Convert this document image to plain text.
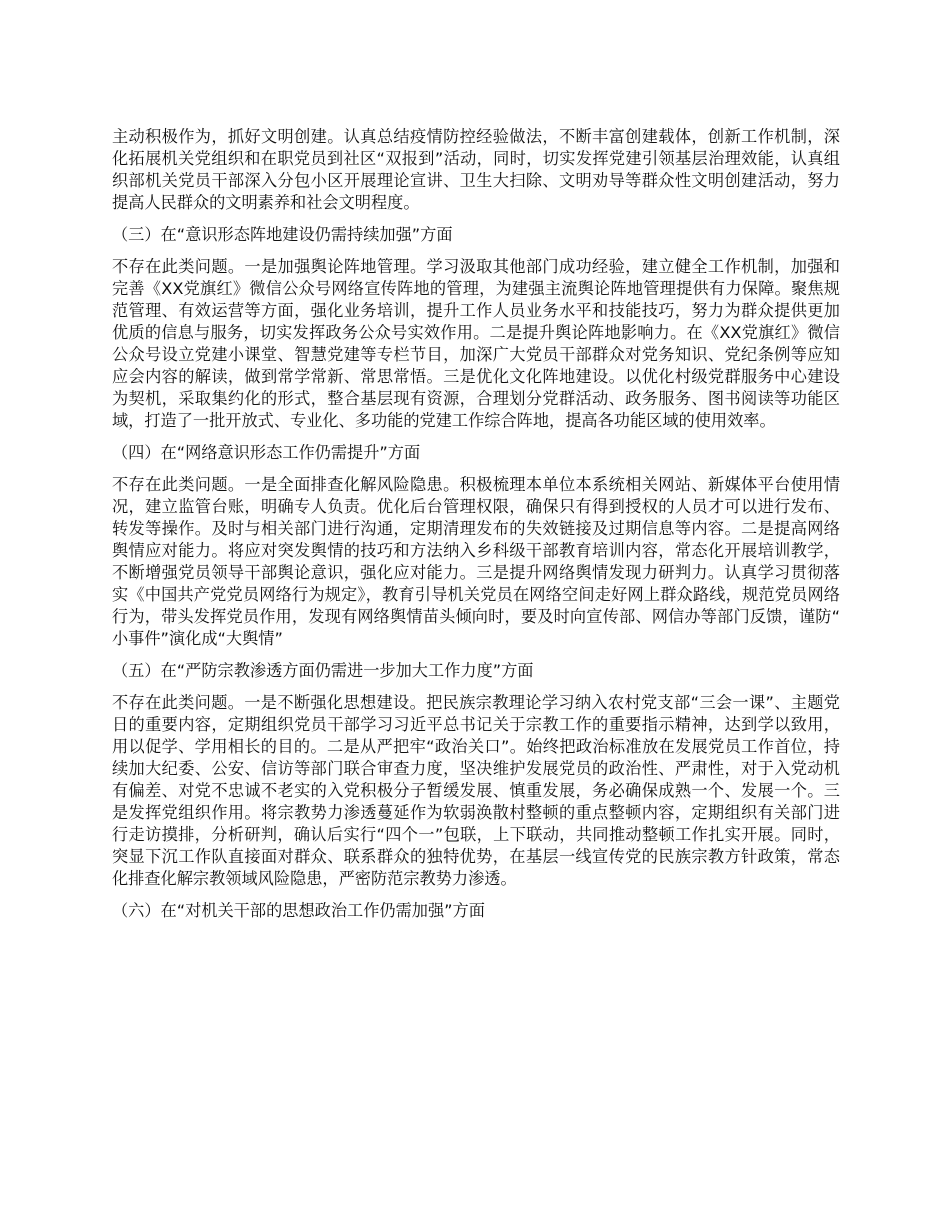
主动积极作为，抓好文明创建。认真总结疫情防控经验做法，不断丰富创建载体，创新工作机制，深化拓展机关党组织和在职党员到社区“双报到”活动，同时，切实发挥党建引领基层治理效能，认真组织部机关党员干部深入分包小区开展理论宣讲、卫生大扫除、文明劝导等群众性文明创建活动，努力提高人民群众的文明素养和社会文明程度。

（三）在“意识形态阵地建设仍需持续加强”方面

不存在此类问题。一是加强舆论阵地管理。学习汲取其他部门成功经验，建立健全工作机制，加强和完善《XX党旗红》微信公众号网络宣传阵地的管理，为建强主流舆论阵地管理提供有力保障。聚焦规范管理、有效运营等方面，强化业务培训，提升工作人员业务水平和技能技巧，努力为群众提供更加优质的信息与服务，切实发挥政务公众号实效作用。二是提升舆论阵地影响力。在《XX党旗红》微信公众号设立党建小课堂、智慧党建等专栏节目，加深广大党员干部群众对党务知识、党纪条例等应知应会内容的解读，做到常学常新、常思常悟。三是优化文化阵地建设。以优化村级党群服务中心建设为契机，采取集约化的形式，整合基层现有资源，合理划分党群活动、政务服务、图书阅读等功能区域，打造了一批开放式、专业化、多功能的党建工作综合阵地，提高各功能区域的使用效率。

（四）在“网络意识形态工作仍需提升”方面

不存在此类问题。一是全面排查化解风险隐患。积极梳理本单位本系统相关网站、新媒体平台使用情况，建立监管台账，明确专人负责。优化后台管理权限，确保只有得到授权的人员才可以进行发布、转发等操作。及时与相关部门进行沟通，定期清理发布的失效链接及过期信息等内容。二是提高网络舆情应对能力。将应对突发舆情的技巧和方法纳入乡科级干部教育培训内容，常态化开展培训教学，不断增强党员领导干部舆论意识，强化应对能力。三是提升网络舆情发现力研判力。认真学习贯彻落实《中国共产党党员网络行为规定》，教育引导机关党员在网络空间走好网上群众路线，规范党员网络行为，带头发挥党员作用，发现有网络舆情苗头倾向时，要及时向宣传部、网信办等部门反馈，谨防“小事件”演化成“大舆情”

（五）在“严防宗教渗透方面仍需进一步加大工作力度”方面

不存在此类问题。一是不断强化思想建设。把民族宗教理论学习纳入农村党支部“三会一课”、主题党日的重要内容，定期组织党员干部学习习近平总书记关于宗教工作的重要指示精神，达到学以致用，用以促学、学用相长的目的。二是从严把牢“政治关口”。始终把政治标准放在发展党员工作首位，持续加大纪委、公安、信访等部门联合审查力度，坚决维护发展党员的政治性、严肃性，对于入党动机有偏差、对党不忠诚不老实的入党积极分子暂缓发展、慎重发展，务必确保成熟一个、发展一个。三是发挥党组织作用。将宗教势力渗透蔓延作为软弱涣散村整顿的重点整顿内容，定期组织有关部门进行走访摸排，分析研判，确认后实行“四个一”包联，上下联动，共同推动整顿工作扎实开展。同时，突显下沉工作队直接面对群众、联系群众的独特优势，在基层一线宣传党的民族宗教方针政策，常态化排查化解宗教领域风险隐患，严密防范宗教势力渗透。

（六）在“对机关干部的思想政治工作仍需加强”方面
